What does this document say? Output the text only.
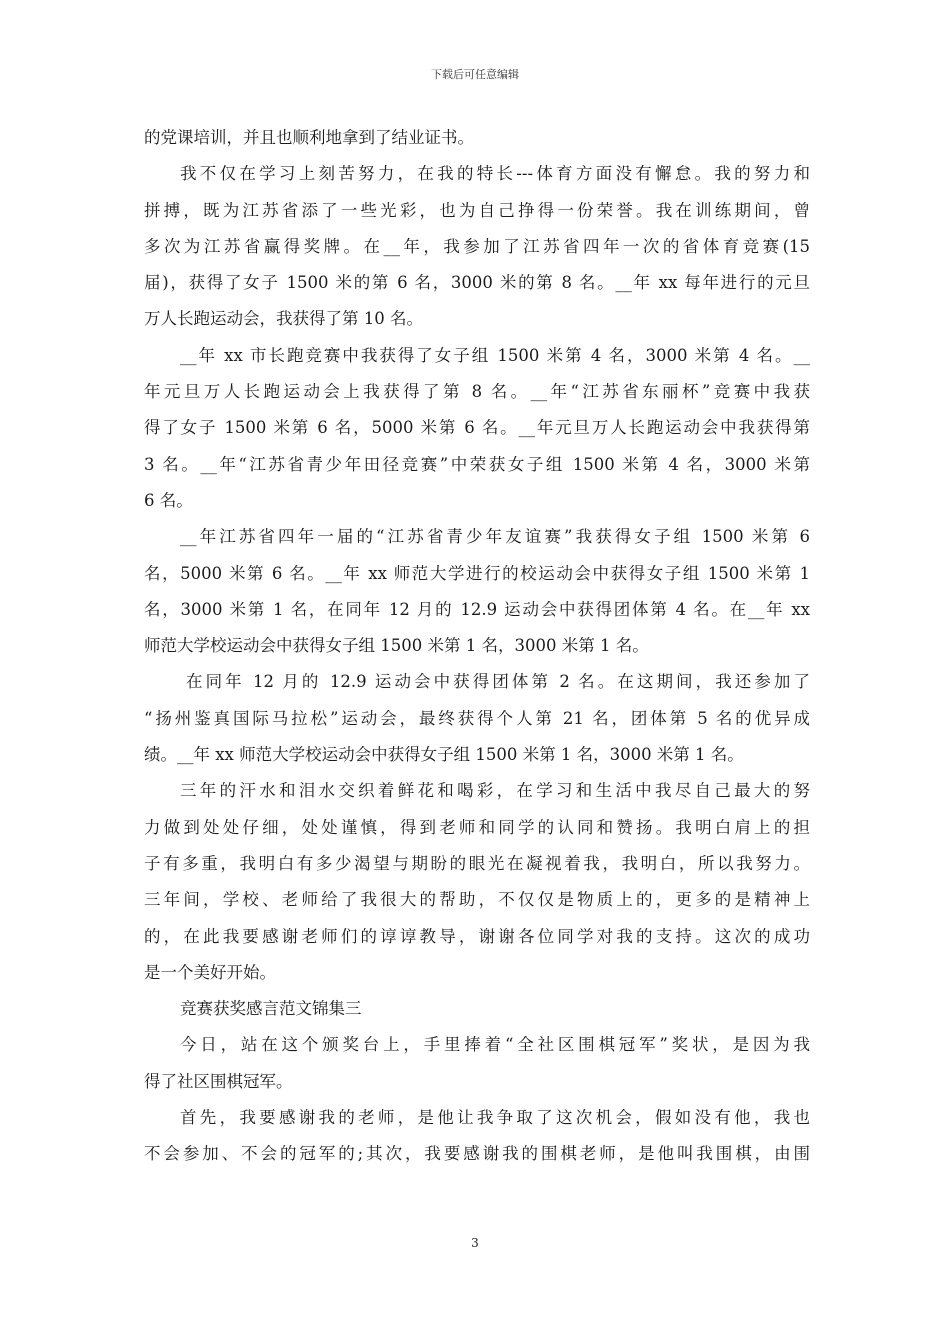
下载后可任意编辑
的党课培训，并且也顺利地拿到了结业证书。
我不仅在学习上刻苦努力，在我的特长---体育方面没有懈怠。我的努力和
拼搏，既为江苏省添了一些光彩，也为自己挣得一份荣誉。我在训练期间，曾
多次为江苏省赢得奖牌。在__年，我参加了江苏省四年一次的省体育竞赛(15
届)，获得了女子 1500 米的第 6 名，3000 米的第 8 名。__年 xx 每年进行的元旦
万人长跑运动会，我获得了第 10 名。
__年 xx 市长跑竞赛中我获得了女子组 1500 米第 4 名，3000 米第 4 名。__
年元旦万人长跑运动会上我获得了第 8 名。__年“江苏省东丽杯”竞赛中我获
得了女子 1500 米第 6 名，5000 米第 6 名。__年元旦万人长跑运动会中我获得第
3 名。__年“江苏省青少年田径竞赛”中荣获女子组 1500 米第 4 名，3000 米第
6 名。
__年江苏省四年一届的“江苏省青少年友谊赛”我获得女子组 1500 米第 6
名，5000 米第 6 名。__年 xx 师范大学进行的校运动会中获得女子组 1500 米第 1
名，3000 米第 1 名，在同年 12 月的 12.9 运动会中获得团体第 4 名。在__年 xx
师范大学校运动会中获得女子组 1500 米第 1 名，3000 米第 1 名。
在同年 12 月的 12.9 运动会中获得团体第 2 名。在这期间，我还参加了
“扬州鉴真国际马拉松”运动会，最终获得个人第 21 名，团体第 5 名的优异成
绩。__年 xx 师范大学校运动会中获得女子组 1500 米第 1 名，3000 米第 1 名。
三年的汗水和泪水交织着鲜花和喝彩，在学习和生活中我尽自己最大的努
力做到处处仔细，处处谨慎，得到老师和同学的认同和赞扬。我明白肩上的担
子有多重，我明白有多少渴望与期盼的眼光在凝视着我，我明白，所以我努力。
三年间，学校、老师给了我很大的帮助，不仅仅是物质上的，更多的是精神上
的，在此我要感谢老师们的谆谆教导，谢谢各位同学对我的支持。这次的成功
是一个美好开始。
竞赛获奖感言范文锦集三
今日，站在这个颁奖台上，手里捧着“全社区围棋冠军”奖状，是因为我
得了社区围棋冠军。
首先，我要感谢我的老师，是他让我争取了这次机会，假如没有他，我也
不会参加、不会的冠军的;其次，我要感谢我的围棋老师，是他叫我围棋，由围
3
